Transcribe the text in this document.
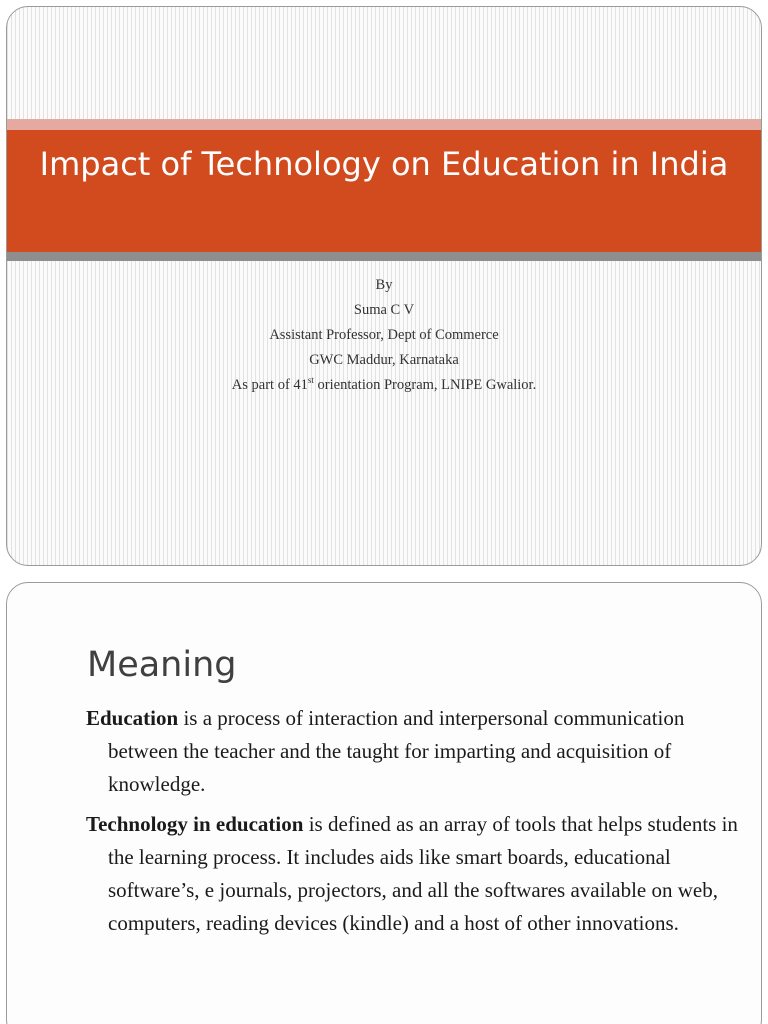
Impact of Technology on Education in India
By
Suma C V
Assistant Professor, Dept of Commerce
GWC Maddur, Karnataka
As part of 41st orientation Program, LNIPE Gwalior.
Meaning

Education is a process of interaction and interpersonal communication between the teacher and the taught for imparting and acquisition of knowledge.

Technology in education is defined as an array of tools that helps students in the learning process. It includes aids like smart boards, educational software’s, e journals, projectors, and all the softwares available on web, computers, reading devices (kindle) and a host of other innovations.
